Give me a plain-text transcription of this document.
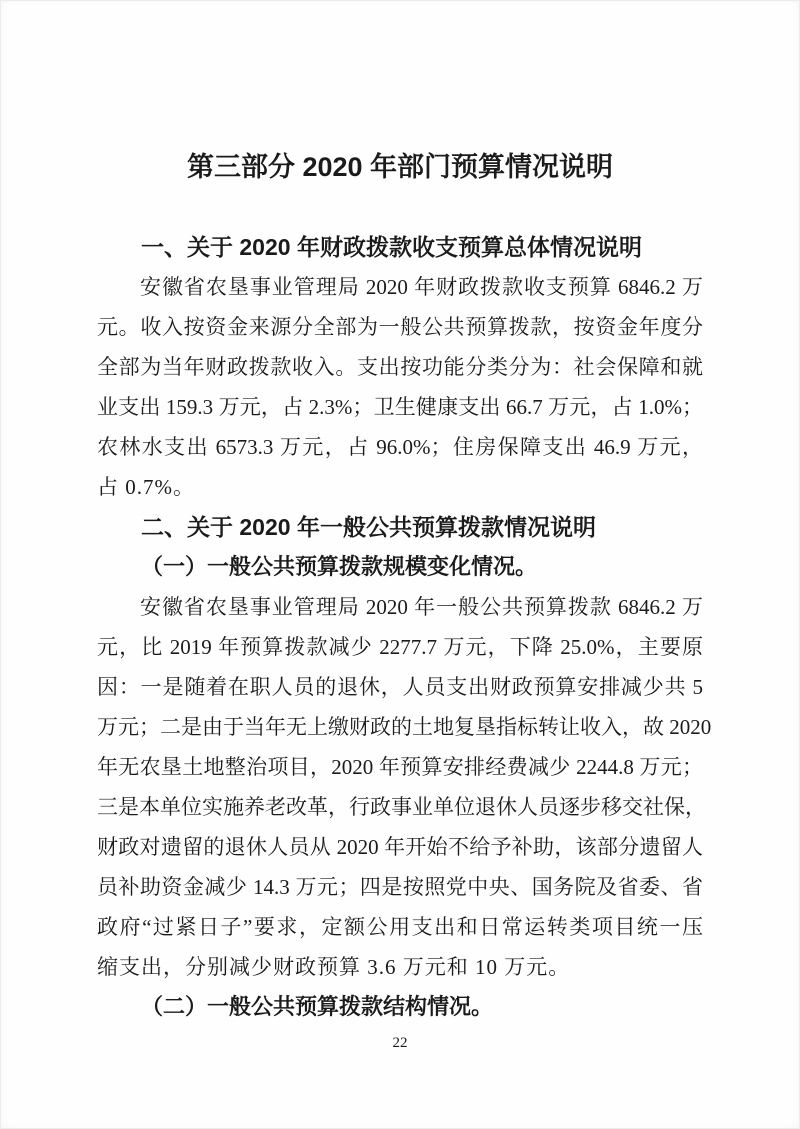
第三部分 2020 年部门预算情况说明
一、关于 2020 年财政拨款收支预算总体情况说明
安徽省农垦事业管理局 2020 年财政拨款收支预算 6846.2 万
元。收入按资金来源分全部为一般公共预算拨款，按资金年度分
全部为当年财政拨款收入。支出按功能分类分为：社会保障和就
业支出 159.3 万元，占 2.3%；卫生健康支出 66.7 万元，占 1.0%；
农林水支出 6573.3 万元，占 96.0%；住房保障支出 46.9 万元，
占 0.7%。
二、关于 2020 年一般公共预算拨款情况说明
（一）一般公共预算拨款规模变化情况。
安徽省农垦事业管理局 2020 年一般公共预算拨款 6846.2 万
元，比 2019 年预算拨款减少 2277.7 万元，下降 25.0%，主要原
因：一是随着在职人员的退休，人员支出财政预算安排减少共 5
万元；二是由于当年无上缴财政的土地复垦指标转让收入，故 2020
年无农垦土地整治项目，2020 年预算安排经费减少 2244.8 万元；
三是本单位实施养老改革，行政事业单位退休人员逐步移交社保，
财政对遗留的退休人员从 2020 年开始不给予补助，该部分遗留人
员补助资金减少 14.3 万元；四是按照党中央、国务院及省委、省
政府“过紧日子”要求，定额公用支出和日常运转类项目统一压
缩支出，分别减少财政预算 3.6 万元和 10 万元。
（二）一般公共预算拨款结构情况。
22
